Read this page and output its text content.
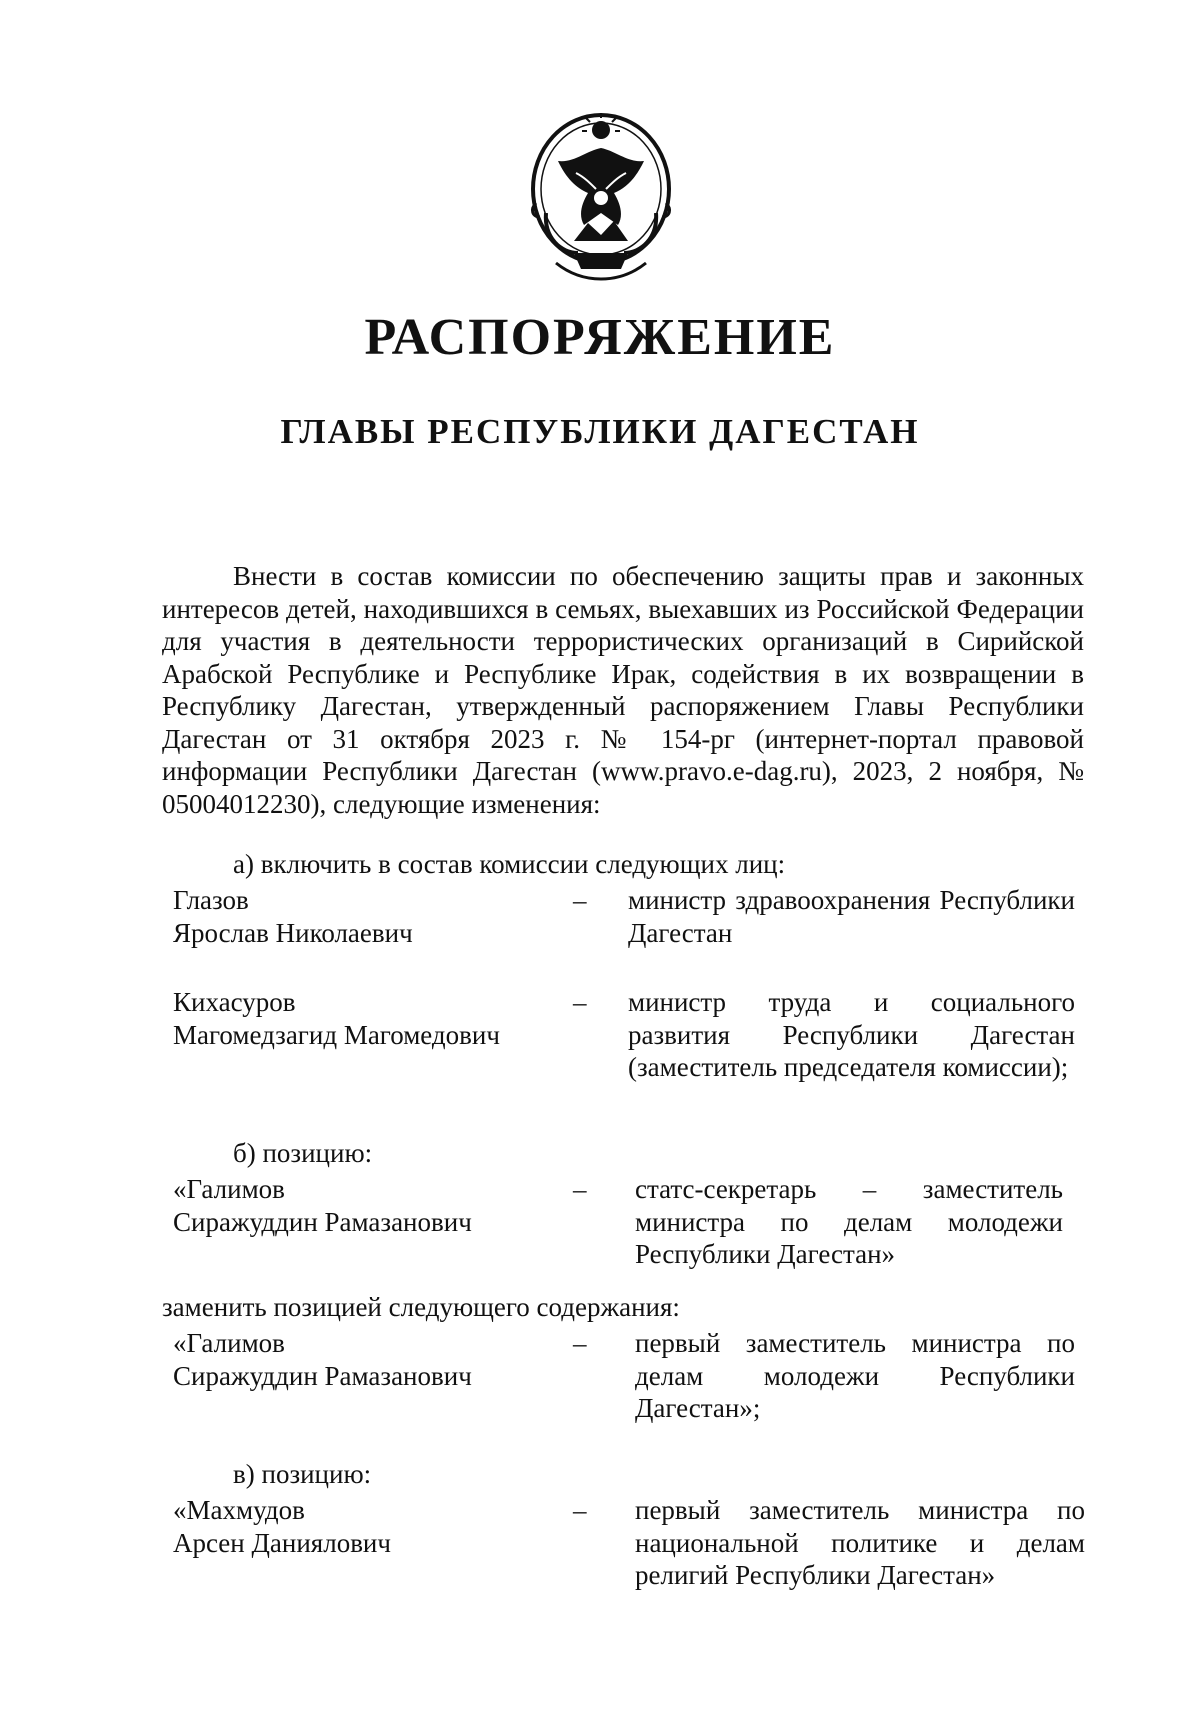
РАСПОРЯЖЕНИЕ
ГЛАВЫ РЕСПУБЛИКИ ДАГЕСТАН
Внести в состав комиссии по обеспечению защиты прав и законных интересов детей, находившихся в семьях, выехавших из Российской Федерации для участия в деятельности террористических организаций в Сирийской Арабской Республике и Республике Ирак, содействия в их возвращении в Республику Дагестан, утвержденный распоряжением Главы Республики Дагестан от 31 октября 2023 г. № 154-рг (интернет-портал правовой информации Республики Дагестан (www.pravo.e-dag.ru), 2023, 2 ноября, № 05004012230), следующие изменения:
а) включить в состав комиссии следующих лиц:
Глазов
Ярослав Николаевич
– министр здравоохранения Республики Дагестан
Кихасуров
Магомедзагид Магомедович
– министр труда и социального развития Республики Дагестан (заместитель председателя комиссии);
б) позицию:
«Галимов
Сиражуддин Рамазанович
– статс-секретарь – заместитель министра по делам молодежи Республики Дагестан»
заменить позицией следующего содержания:
«Галимов
Сиражуддин Рамазанович
– первый заместитель министра по делам молодежи Республики Дагестан»;
в) позицию:
«Махмудов
Арсен Даниялович
– первый заместитель министра по национальной политике и делам религий Республики Дагестан»
